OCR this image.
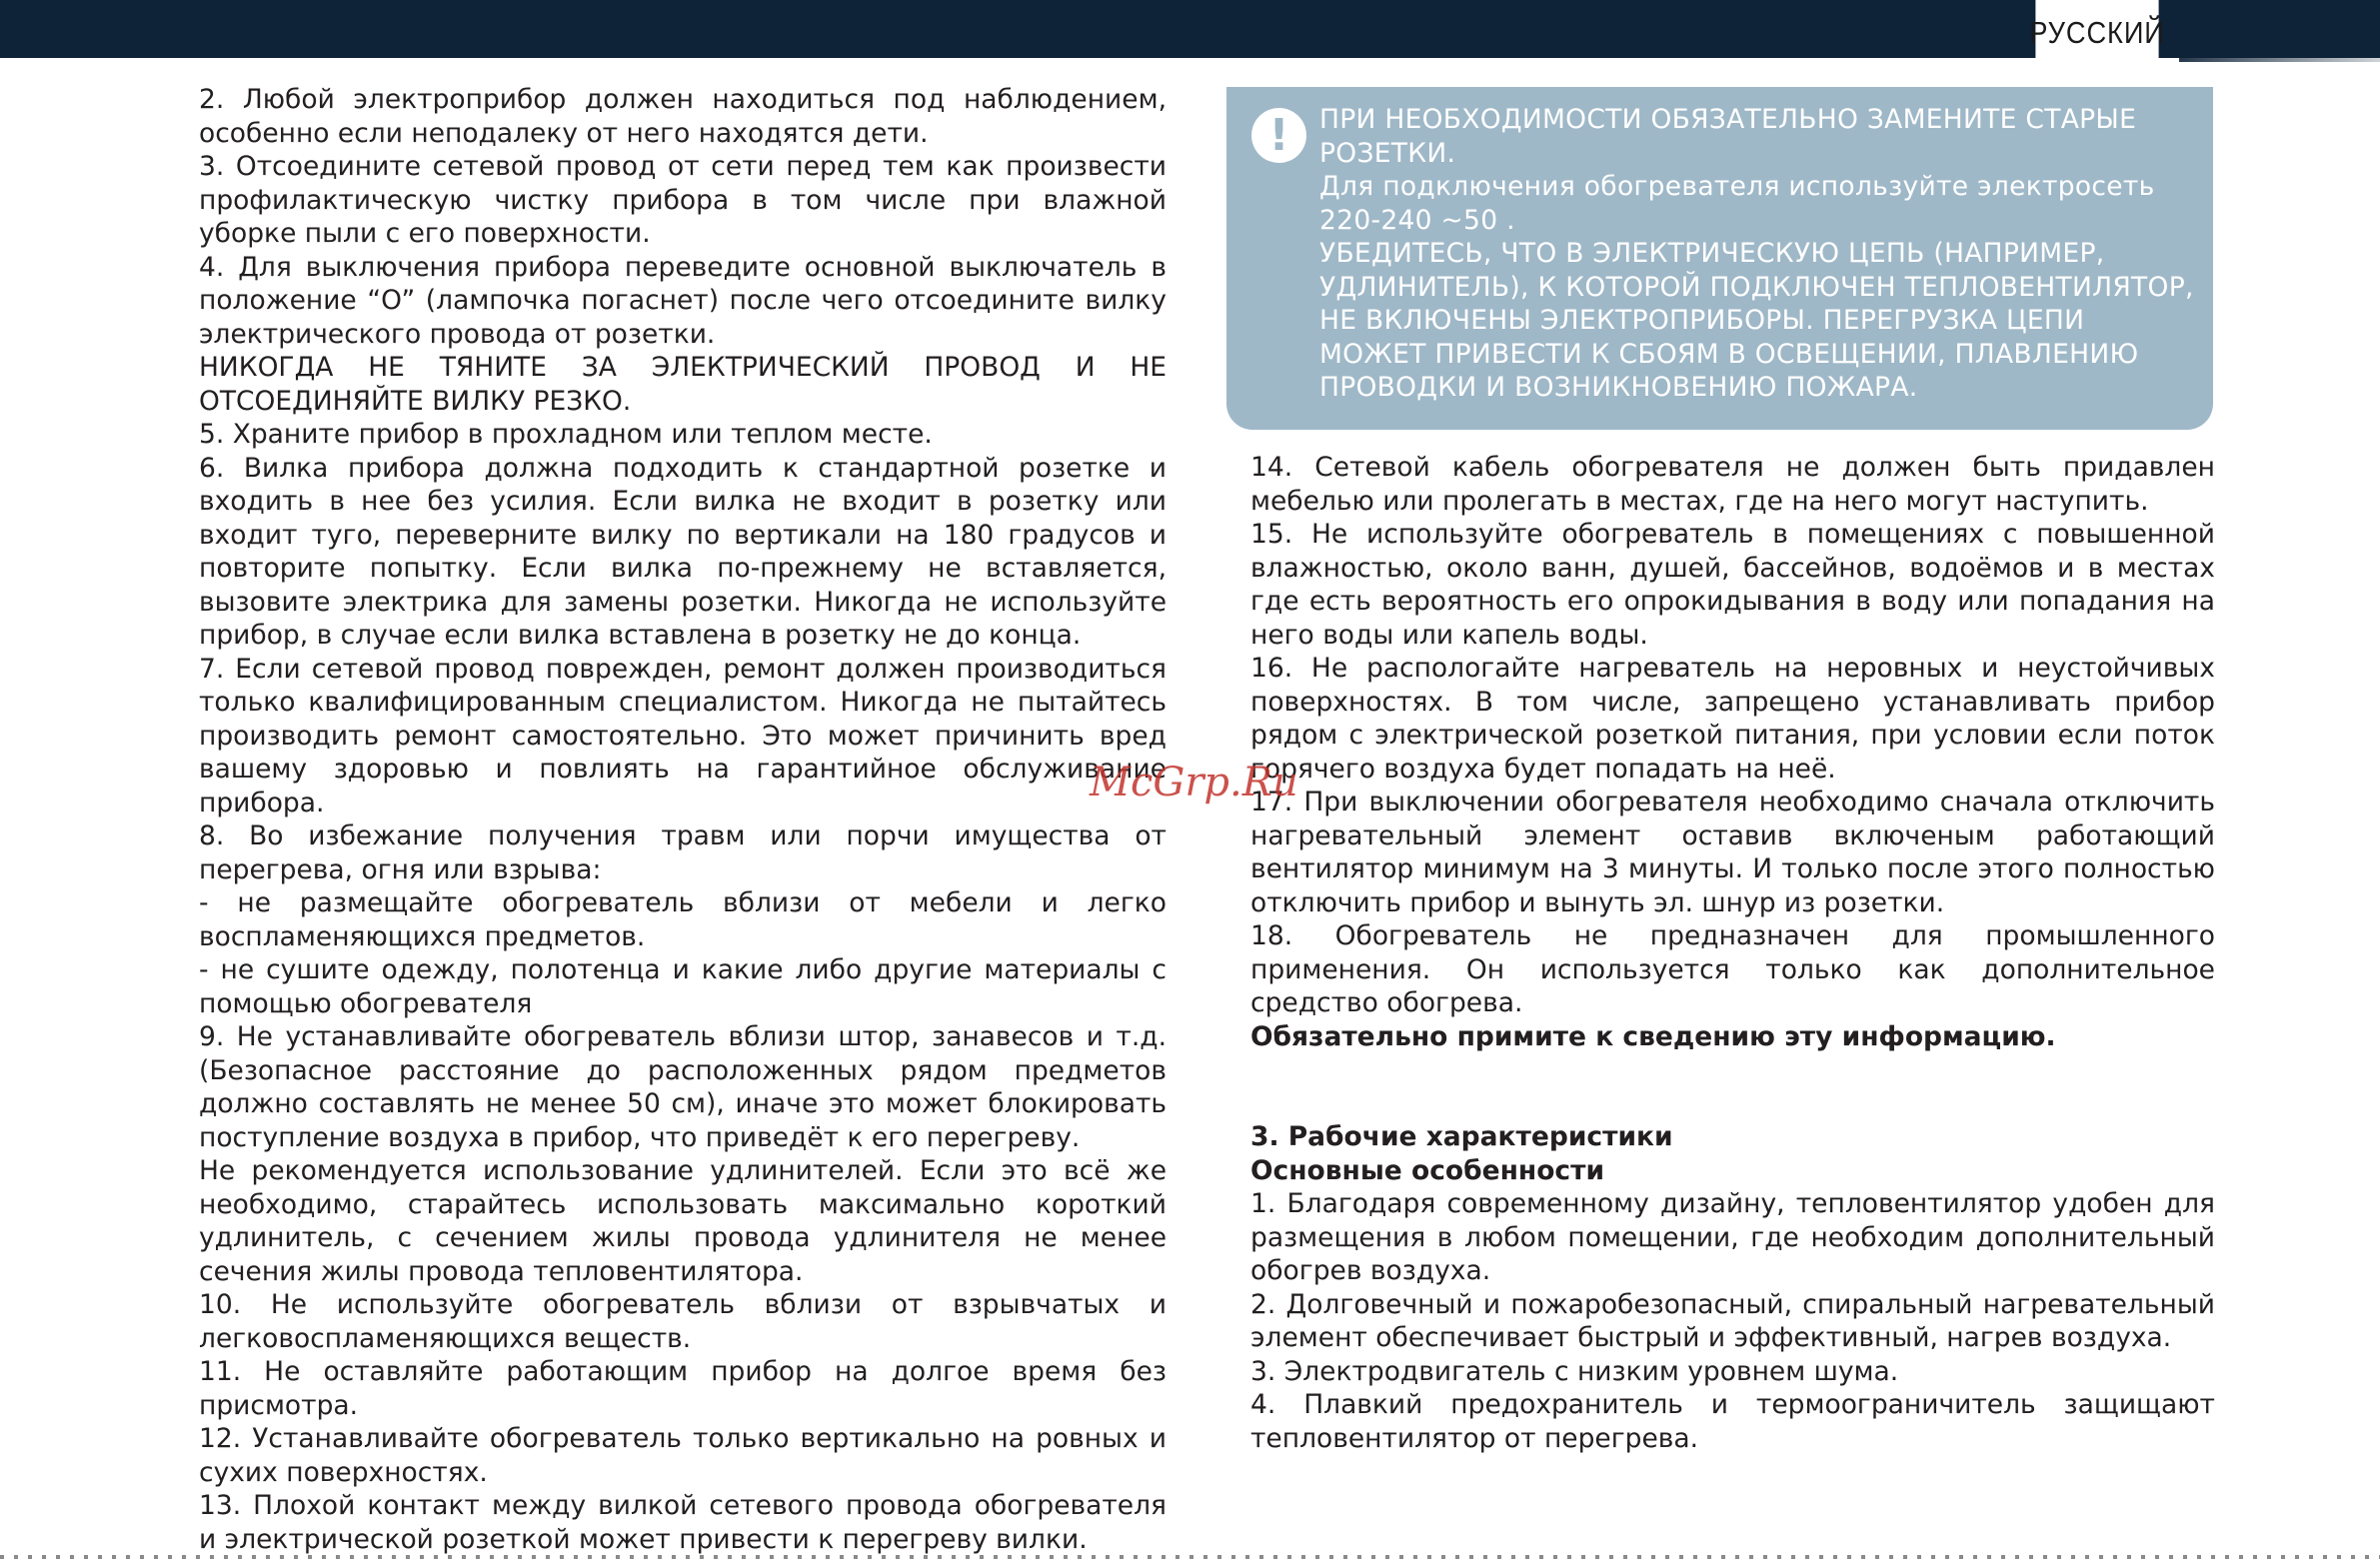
РУССКИЙ

2. Любой электроприбор должен находиться под наблюдением, особенно если неподалеку от него находятся дети.

3. Отсоедините сетевой провод от сети перед тем как произвести профилактическую чистку прибора в том числе при влажной уборке пыли с его поверхности.

4. Для выключения прибора переведите основной выключатель в положение “O” (лампочка погаснет) после чего отсоедините вилку электрического провода от розетки.

НИКОГДА НЕ ТЯНИТЕ ЗА ЭЛЕКТРИЧЕСКИЙ ПРОВОД И НЕ ОТСОЕДИНЯЙТЕ ВИЛКУ РЕЗКО.

5. Храните прибор в прохладном или теплом месте.

6. Вилка прибора должна подходить к стандартной розетке и входить в нее без усилия. Если вилка не входит в розетку или входит туго, переверните вилку по вертикали на 180 градусов и повторите попытку. Если вилка по-прежнему не вставляется, вызовите электрика для замены розетки. Никогда не используйте прибор, в случае если вилка вставлена в розетку не до конца.

7. Если сетевой провод поврежден, ремонт должен производиться только квалифицированным специалистом. Никогда не пытайтесь производить ремонт самостоятельно. Это может причинить вред вашему здоровью и повлиять на гарантийное обслуживание прибора.

8. Во избежание получения травм или порчи имущества от перегрева, огня или взрыва:

- не размещайте обогреватель вблизи от мебели и легко воспламеняющихся предметов.

- не сушите одежду, полотенца и какие либо другие материалы с помощью обогревателя

9. Не устанавливайте обогреватель вблизи штор, занавесов и т.д. (Безопасное расстояние до расположенных рядом предметов должно составлять не менее 50 см), иначе это может блокировать поступление воздуха в прибор, что приведёт к его перегреву.

Не рекомендуется использование удлинителей. Если это всё же необходимо, старайтесь использовать максимально короткий удлинитель, с сечением жилы провода удлинителя не менее сечения жилы провода тепловентилятора.

10. Не используйте обогреватель вблизи от взрывчатых и легковоспламеняющихся веществ.

11. Не оставляйте работающим прибор на долгое время без присмотра.

12. Устанавливайте обогреватель только вертикально на ровных и сухих поверхностях.

13. Плохой контакт между вилкой сетевого провода обогревателя и электрической розеткой может привести к перегреву вилки.

!	ПРИ НЕОБХОДИМОСТИ ОБЯЗАТЕЛЬНО ЗАМЕНИТЕ СТАРЫЕ РОЗЕТКИ.

Для подключения обогревателя используйте электросеть 220-240 ~50 .

УБЕДИТЕСЬ, ЧТО В ЭЛЕКТРИЧЕСКУЮ ЦЕПЬ (НАПРИМЕР, УДЛИНИТЕЛЬ), К КОТОРОЙ ПОДКЛЮЧЕН ТЕПЛОВЕНТИЛЯТОР, НЕ ВКЛЮЧЕНЫ ЭЛЕКТРОПРИБОРЫ. ПЕРЕГРУЗКА ЦЕПИ МОЖЕТ ПРИВЕСТИ К СБОЯМ В ОСВЕЩЕНИИ, ПЛАВЛЕНИЮ ПРОВОДКИ И ВОЗНИКНОВЕНИЮ ПОЖАРА.

14. Сетевой кабель обогревателя не должен быть придавлен мебелью или пролегать в местах, где на него могут наступить.

15. Не используйте обогреватель в помещениях с повышенной влажностью, около ванн, душей, бассейнов, водоёмов и в местах где есть вероятность его опрокидывания в воду или попадания на него воды или капель воды.

16. Не распологайте нагреватель на неровных и неустойчивых поверхностях. В том числе, запрещено устанавливать прибор рядом с электрической розеткой питания, при условии если поток горячего воздуха будет попадать на неё.

17. При выключении обогревателя необходимо сначала отключить нагревательный элемент оставив включеным работающий вентилятор минимум на 3 минуты. И только после этого полностью отключить прибор и вынуть эл. шнур из розетки.

18. Обогреватель не предназначен для промышленного применения. Он используется только как дополнительное средство обогрева.

Обязательно примите к сведению эту информацию.

3. Рабочие характеристики

Основные особенности

1. Благодаря современному дизайну, тепловентилятор удобен для размещения в любом помещении, где необходим дополнительный обогрев воздуха.

2. Долговечный и пожаробезопасный, спиральный нагревательный элемент обеспечивает быстрый и эффективный, нагрев воздуха.

3. Электродвигатель с низким уровнем шума.

4. Плавкий предохранитель и термоограничитель защищают тепловентилятор от перегрева.

McGrp.Ru
